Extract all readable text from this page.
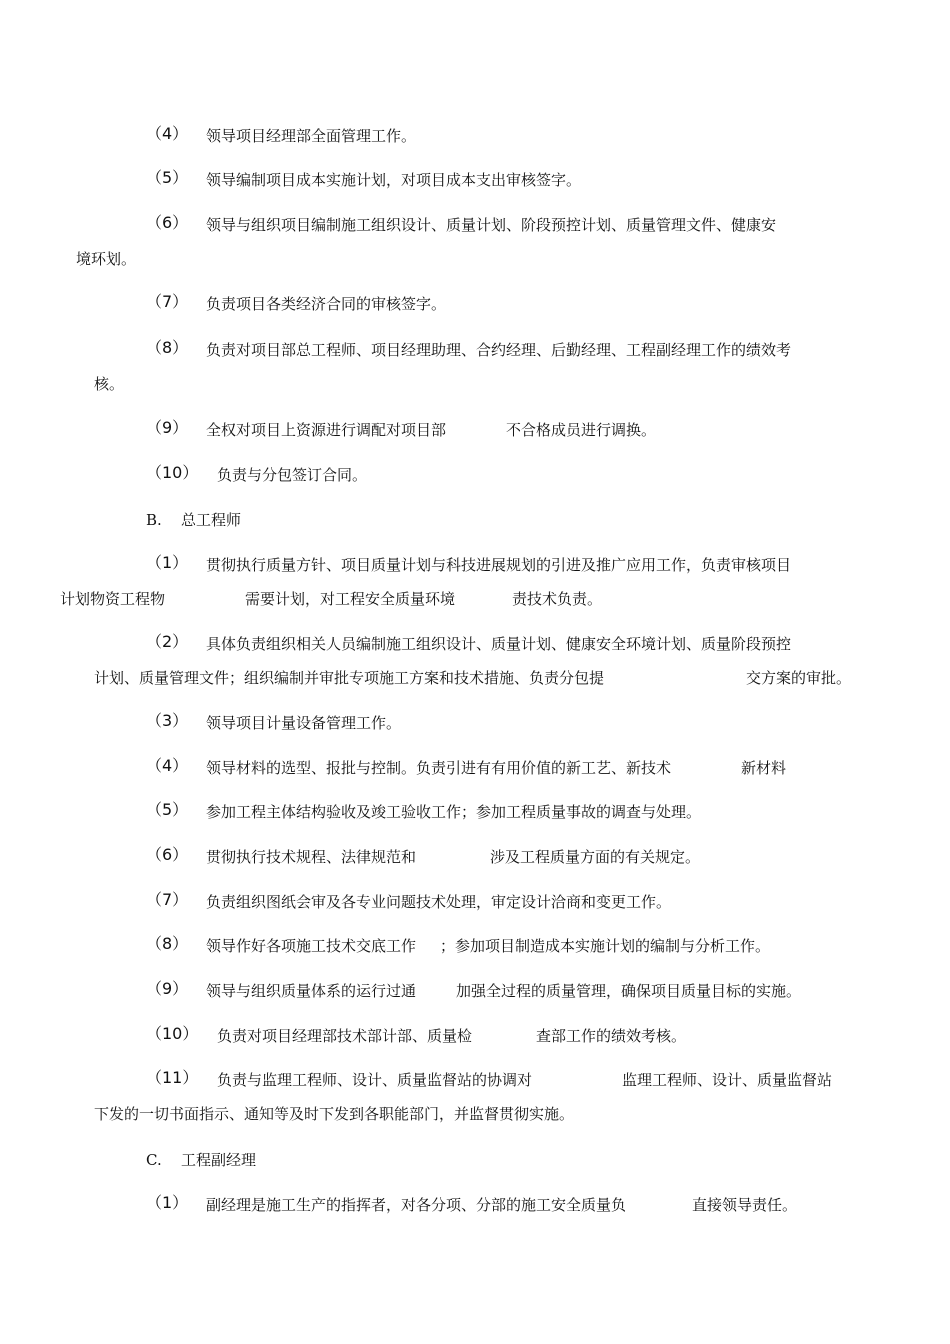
（4） 领导项目经理部全面管理工作。
（5） 领导编制项目成本实施计划，对项目成本支出审核签字。
（6） 领导与组织项目编制施工组织设计、质量计划、阶段预控计划、质量管理文件、健康安
境环划。
（7） 负责项目各类经济合同的审核签字。
（8） 负责对项目部总工程师、项目经理助理、合约经理、后勤经理、工程副经理工作的绩效考
核。
（9） 全权对项目上资源进行调配对项目部	不合格成员进行调换。
（10） 负责与分包签订合同。
B. 总工程师
（1） 贯彻执行质量方针、项目质量计划与科技进展规划的引进及推广应用工作，负责审核项目
计划物资工程物	需要计划，对工程安全质量环境	责技术负责。
（2） 具体负责组织相关人员编制施工组织设计、质量计划、健康安全环境计划、质量阶段预控
计划、质量管理文件；组织编制并审批专项施工方案和技术措施、负责分包提	交方案的审批。
（3） 领导项目计量设备管理工作。
（4） 领导材料的选型、报批与控制。负责引进有有用价值的新工艺、新技术	新材料
（5） 参加工程主体结构验收及竣工验收工作；参加工程质量事故的调查与处理。
（6） 贯彻执行技术规程、法律规范和	涉及工程质量方面的有关规定。
（7） 负责组织图纸会审及各专业问题技术处理，审定设计洽商和变更工作。
（8） 领导作好各项施工技术交底工作 ；参加项目制造成本实施计划的编制与分析工作。
（9） 领导与组织质量体系的运行过通	加强全过程的质量管理，确保项目质量目标的实施。
（10） 负责对项目经理部技术部计部、质量检	查部工作的绩效考核。
（11） 负责与监理工程师、设计、质量监督站的协调对	监理工程师、设计、质量监督站
下发的一切书面指示、通知等及时下发到各职能部门，并监督贯彻实施。
C. 工程副经理
（1） 副经理是施工生产的指挥者，对各分项、分部的施工安全质量负	直接领导责任。
